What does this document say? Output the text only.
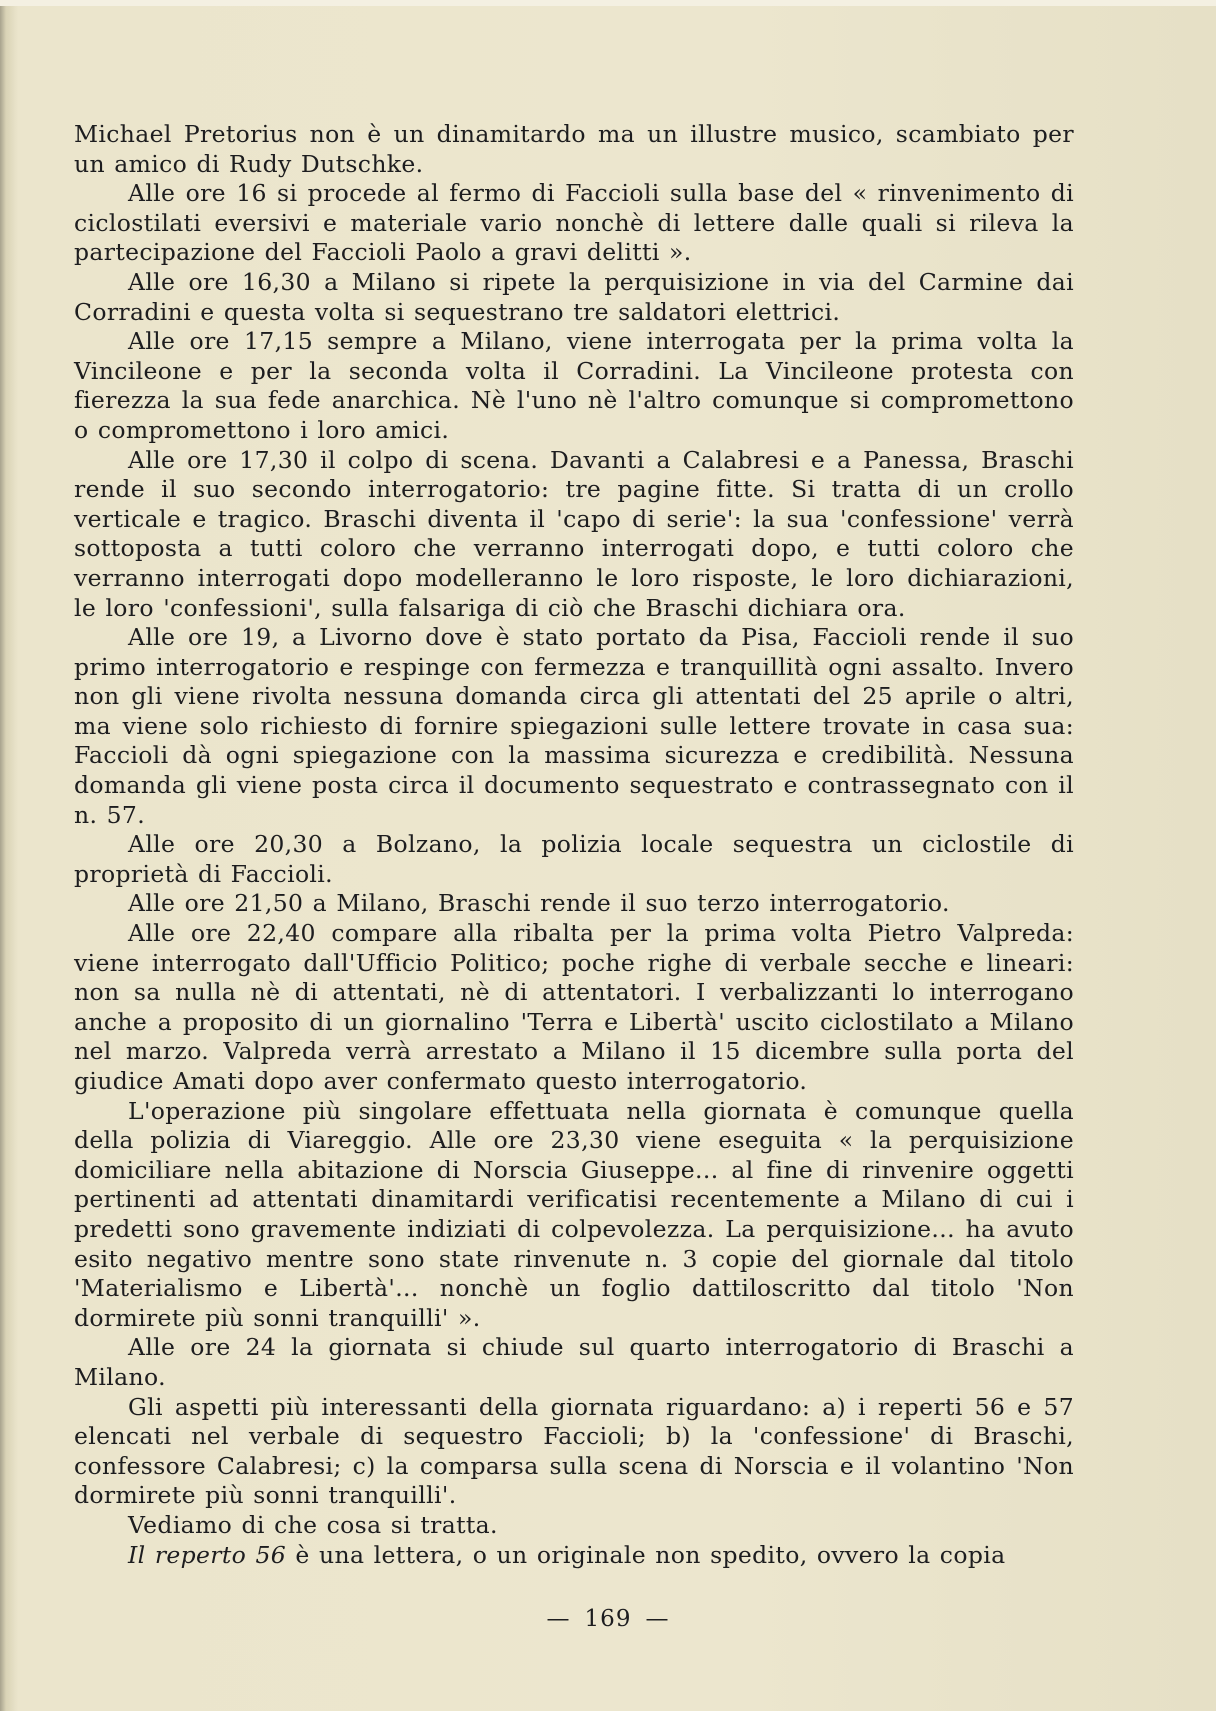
Michael Pretorius non è un dinamitardo ma un illustre musico, scambiato per un amico di Rudy Dutschke.

Alle ore 16 si procede al fermo di Faccioli sulla base del « rinvenimento di ciclostilati eversivi e materiale vario nonchè di lettere dalle quali si rileva la partecipazione del Faccioli Paolo a gravi delitti ».

Alle ore 16,30 a Milano si ripete la perquisizione in via del Carmine dai Corradini e questa volta si sequestrano tre saldatori elettrici.

Alle ore 17,15 sempre a Milano, viene interrogata per la prima volta la Vincileone e per la seconda volta il Corradini. La Vincileone protesta con fierezza la sua fede anarchica. Nè l'uno nè l'altro comunque si compromettono o compromettono i loro amici.

Alle ore 17,30 il colpo di scena. Davanti a Calabresi e a Panessa, Braschi rende il suo secondo interrogatorio: tre pagine fitte. Si tratta di un crollo verticale e tragico. Braschi diventa il 'capo di serie': la sua 'confessione' verrà sottoposta a tutti coloro che verranno interrogati dopo, e tutti coloro che verranno interrogati dopo modelleranno le loro risposte, le loro dichiarazioni, le loro 'confessioni', sulla falsariga di ciò che Braschi dichiara ora.

Alle ore 19, a Livorno dove è stato portato da Pisa, Faccioli rende il suo primo interrogatorio e respinge con fermezza e tranquillità ogni assalto. Invero non gli viene rivolta nessuna domanda circa gli attentati del 25 aprile o altri, ma viene solo richiesto di fornire spiegazioni sulle lettere trovate in casa sua: Faccioli dà ogni spiegazione con la massima sicurezza e credibilità. Nessuna domanda gli viene posta circa il documento sequestrato e contrassegnato con il n. 57.

Alle ore 20,30 a Bolzano, la polizia locale sequestra un ciclostile di proprietà di Faccioli.

Alle ore 21,50 a Milano, Braschi rende il suo terzo interrogatorio.

Alle ore 22,40 compare alla ribalta per la prima volta Pietro Valpreda: viene interrogato dall'Ufficio Politico; poche righe di verbale secche e lineari: non sa nulla nè di attentati, nè di attentatori. I verbalizzanti lo interrogano anche a proposito di un giornalino 'Terra e Libertà' uscito ciclostilato a Milano nel marzo. Valpreda verrà arrestato a Milano il 15 dicembre sulla porta del giudice Amati dopo aver confermato questo interrogatorio.

L'operazione più singolare effettuata nella giornata è comunque quella della polizia di Viareggio. Alle ore 23,30 viene eseguita « la perquisizione domiciliare nella abitazione di Norscia Giuseppe... al fine di rinvenire oggetti pertinenti ad attentati dinamitardi verificatisi recentemente a Milano di cui i predetti sono gravemente indiziati di colpevolezza. La perquisizione... ha avuto esito negativo mentre sono state rinvenute n. 3 copie del giornale dal titolo 'Materialismo e Libertà'... nonchè un foglio dattiloscritto dal titolo 'Non dormirete più sonni tranquilli' ».

Alle ore 24 la giornata si chiude sul quarto interrogatorio di Braschi a Milano.

Gli aspetti più interessanti della giornata riguardano: a) i reperti 56 e 57 elencati nel verbale di sequestro Faccioli; b) la 'confessione' di Braschi, confessore Calabresi; c) la comparsa sulla scena di Norscia e il volantino 'Non dormirete più sonni tranquilli'.

Vediamo di che cosa si tratta.

Il reperto 56 è una lettera, o un originale non spedito, ovvero la copia

— 169 —
